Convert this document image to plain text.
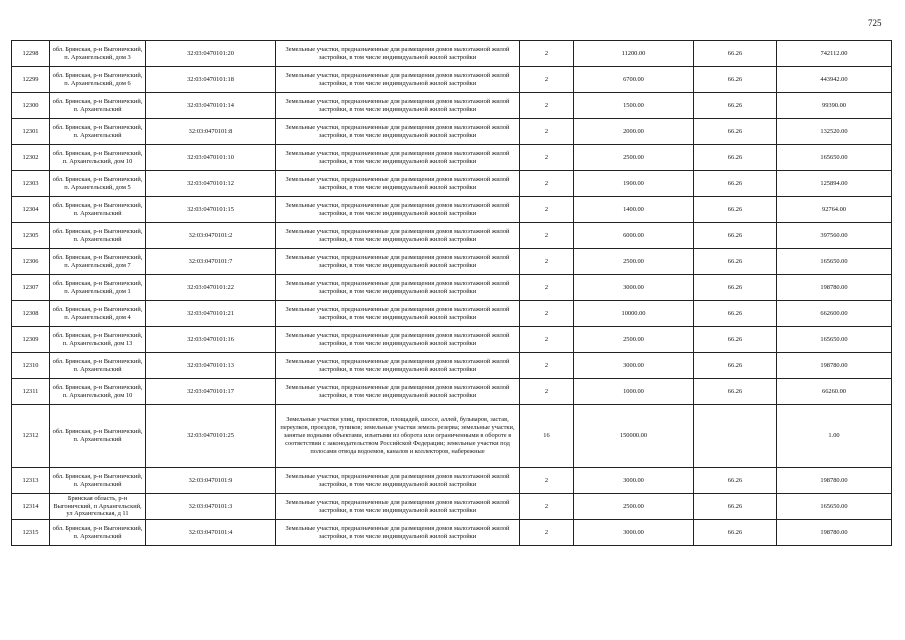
725
12298	обл. Брянская, р-н Выгоничский, п. Архангельский, дом 3	32:03:0470101:20	Земельные участки, предназначенные для размещения домов малоэтажной жилой застройки, в том числе индивидуальной жилой застройки	2	11200.00	66.26	742112.00
12299	обл. Брянская, р-н Выгоничский, п. Архангельский, дом 6	32:03:0470101:18	Земельные участки, предназначенные для размещения домов малоэтажной жилой застройки, в том числе индивидуальной жилой застройки	2	6700.00	66.26	443942.00
12300	обл. Брянская, р-н Выгоничский, п. Архангельский	32:03:0470101:14	Земельные участки, предназначенные для размещения домов малоэтажной жилой застройки, в том числе индивидуальной жилой застройки	2	1500.00	66.26	99390.00
12301	обл. Брянская, р-н Выгоничский, п. Архангельский	32:03:0470101:8	Земельные участки, предназначенные для размещения домов малоэтажной жилой застройки, в том числе индивидуальной жилой застройки	2	2000.00	66.26	132520.00
12302	обл. Брянская, р-н Выгоничский, п. Архангельский, дом 10	32:03:0470101:10	Земельные участки, предназначенные для размещения домов малоэтажной жилой застройки, в том числе индивидуальной жилой застройки	2	2500.00	66.26	165650.00
12303	обл. Брянская, р-н Выгоничский, п. Архангельский, дом 5	32:03:0470101:12	Земельные участки, предназначенные для размещения домов малоэтажной жилой застройки, в том числе индивидуальной жилой застройки	2	1900.00	66.26	125894.00
12304	обл. Брянская, р-н Выгоничский, п. Архангельский	32:03:0470101:15	Земельные участки, предназначенные для размещения домов малоэтажной жилой застройки, в том числе индивидуальной жилой застройки	2	1400.00	66.26	92764.00
12305	обл. Брянская, р-н Выгоничский, п. Архангельский	32:03:0470101:2	Земельные участки, предназначенные для размещения домов малоэтажной жилой застройки, в том числе индивидуальной жилой застройки	2	6000.00	66.26	397560.00
12306	обл. Брянская, р-н Выгоничский, п. Архангельский, дом 7	32:03:0470101:7	Земельные участки, предназначенные для размещения домов малоэтажной жилой застройки, в том числе индивидуальной жилой застройки	2	2500.00	66.26	165650.00
12307	обл. Брянская, р-н Выгоничский, п. Архангельский, дом 1	32:03:0470101:22	Земельные участки, предназначенные для размещения домов малоэтажной жилой застройки, в том числе индивидуальной жилой застройки	2	3000.00	66.26	198780.00
12308	обл. Брянская, р-н Выгоничский, п. Архангельский, дом 4	32:03:0470101:21	Земельные участки, предназначенные для размещения домов малоэтажной жилой застройки, в том числе индивидуальной жилой застройки	2	10000.00	66.26	662600.00
12309	обл. Брянская, р-н Выгоничский, п. Архангельский, дом 13	32:03:0470101:16	Земельные участки, предназначенные для размещения домов малоэтажной жилой застройки, в том числе индивидуальной жилой застройки	2	2500.00	66.26	165650.00
12310	обл. Брянская, р-н Выгоничский, п. Архангельский	32:03:0470101:13	Земельные участки, предназначенные для размещения домов малоэтажной жилой застройки, в том числе индивидуальной жилой застройки	2	3000.00	66.26	198780.00
12311	обл. Брянская, р-н Выгоничский, п. Архангельский, дом 10	32:03:0470101:17	Земельные участки, предназначенные для размещения домов малоэтажной жилой застройки, в том числе индивидуальной жилой застройки	2	1000.00	66.26	66260.00
12312	обл. Брянская, р-н Выгоничский, п. Архангельский	32:03:0470101:25	Земельные участки улиц, проспектов, площадей, шоссе, аллей, бульваров, застав, переулков, проездов, тупиков; земельные участки земель резерва; земельные участки, занятые водными объектами, изъятыми из оборота или ограниченными в обороте в соответствии с законодательством Российской Федерации; земельные участки под полосами отвода водоемов, каналов и коллекторов, набережные	16	150000.00		1.00
12313	обл. Брянская, р-н Выгоничский, п. Архангельский	32:03:0470101:9	Земельные участки, предназначенные для размещения домов малоэтажной жилой застройки, в том числе индивидуальной жилой застройки	2	3000.00	66.26	198780.00
12314	Брянская область, р-н Выгоничский, п Архангельский, ул Архангельская, д 11	32:03:0470101:3	Земельные участки, предназначенные для размещения домов малоэтажной жилой застройки, в том числе индивидуальной жилой застройки	2	2500.00	66.26	165650.00
12315	обл. Брянская, р-н Выгоничский, п. Архангельский	32:03:0470101:4	Земельные участки, предназначенные для размещения домов малоэтажной жилой застройки, в том числе индивидуальной жилой застройки	2	3000.00	66.26	198780.00
